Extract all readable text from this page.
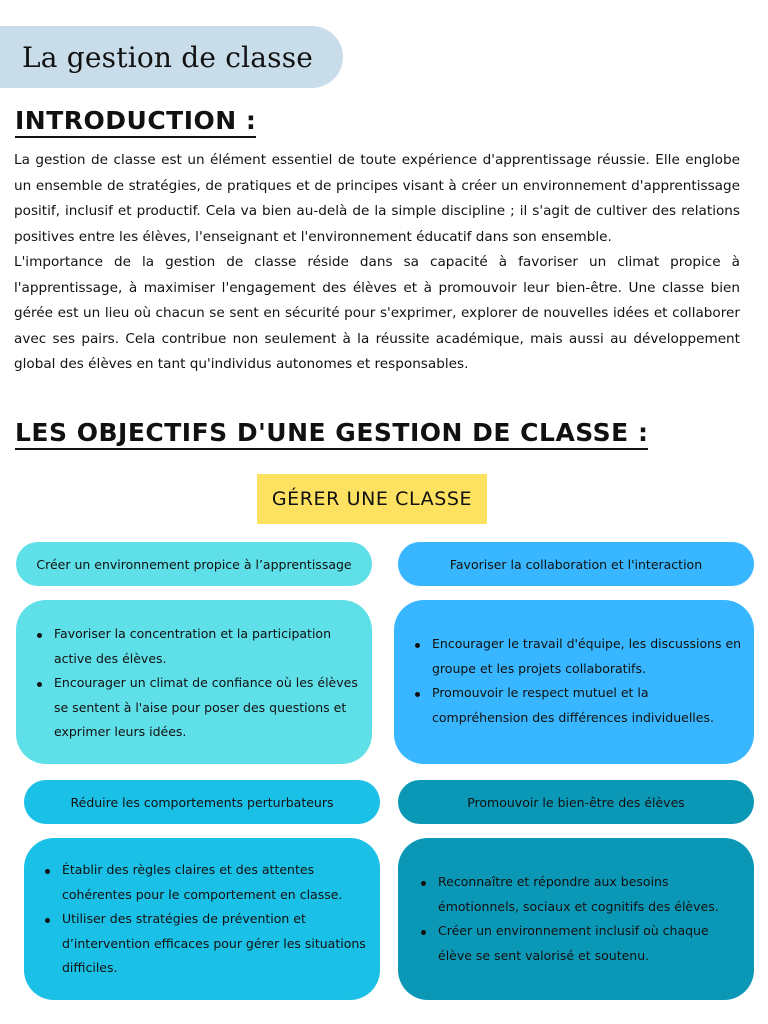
La gestion de classe
INTRODUCTION :

La gestion de classe est un élément essentiel de toute expérience d'apprentissage réussie. Elle englobe un ensemble de stratégies, de pratiques et de principes visant à créer un environnement d'apprentissage positif, inclusif et productif. Cela va bien au-delà de la simple discipline ; il s'agit de cultiver des relations positives entre les élèves, l'enseignant et l'environnement éducatif dans son ensemble.

L'importance de la gestion de classe réside dans sa capacité à favoriser un climat propice à l'apprentissage, à maximiser l'engagement des élèves et à promouvoir leur bien-être. Une classe bien gérée est un lieu où chacun se sent en sécurité pour s'exprimer, explorer de nouvelles idées et collaborer avec ses pairs. Cela contribue non seulement à la réussite académique, mais aussi au développement global des élèves en tant qu'individus autonomes et responsables.

LES OBJECTIFS D'UNE GESTION DE CLASSE :
GÉRER UNE CLASSE
Créer un environnement propice à l’apprentissage
Favoriser la concentration et la participation active des élèves.
Encourager un climat de confiance où les élèves se sentent à l'aise pour poser des questions et exprimer leurs idées.
Favoriser la collaboration et l'interaction
Encourager le travail d'équipe, les discussions en groupe et les projets collaboratifs.
Promouvoir le respect mutuel et la compréhension des différences individuelles.
Réduire les comportements perturbateurs
Établir des règles claires et des attentes cohérentes pour le comportement en classe.
Utiliser des stratégies de prévention et d’intervention efficaces pour gérer les situations difficiles.
Promouvoir le bien-être des élèves
Reconnaître et répondre aux besoins émotionnels, sociaux et cognitifs des élèves.
Créer un environnement inclusif où chaque élève se sent valorisé et soutenu.
